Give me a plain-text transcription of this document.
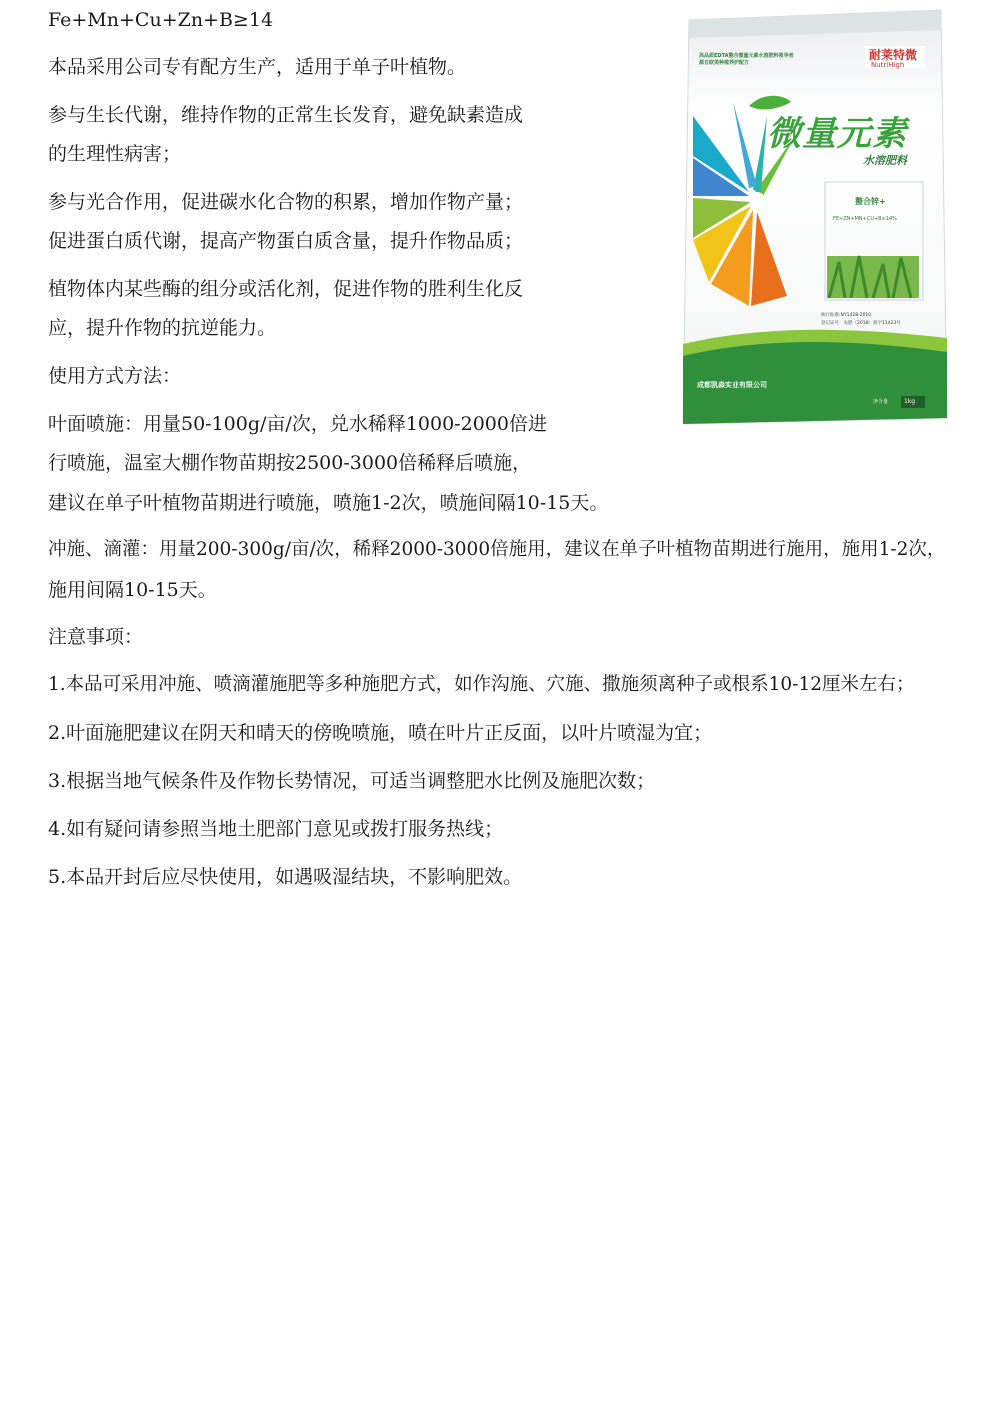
Fe+Mn+Cu+Zn+B≥14
本品采用公司专有配方生产，适用于单子叶植物。
参与生长代谢，维持作物的正常生长发育，避免缺素造成
的生理性病害；
参与光合作用，促进碳水化合物的积累，增加作物产量；
促进蛋白质代谢，提高产物蛋白质含量，提升作物品质；
植物体内某些酶的组分或活化剂，促进作物的胜利生化反
应，提升作物的抗逆能力。
使用方式方法：
叶面喷施：用量50-100g/亩/次，兑水稀释1000-2000倍进
行喷施，温室大棚作物苗期按2500-3000倍稀释后喷施，
建议在单子叶植物苗期进行喷施，喷施1-2次，喷施间隔10-15天。
冲施、滴灌：用量200-300g/亩/次，稀释2000-3000倍施用，建议在单子叶植物苗期进行施用，施用1-2次，
施用间隔10-15天。
注意事项：
1.本品可采用冲施、喷滴灌施肥等多种施肥方式，如作沟施、穴施、撒施须离种子或根系10-12厘米左右；
2.叶面施肥建议在阴天和晴天的傍晚喷施，喷在叶片正反面，以叶片喷湿为宜；
3.根据当地气候条件及作物长势情况，可适当调整肥水比例及施肥次数；
4.如有疑问请参照当地土肥部门意见或拨打服务热线；
5.本品开封后应尽快使用，如遇吸湿结块，不影响肥效。
耐莱特微
NutriHigh
高品质EDTA螯合微量元素水溶肥料领导者
源自欧美种植养护配方
微量元素
水溶肥料
螯合锌+
FE+ZN+MN+CU+B≥14%
执行标准:NY1428-2010
登记证号：农肥（2018）准字11423号
成都凯森实业有限公司
净含量	1kg
